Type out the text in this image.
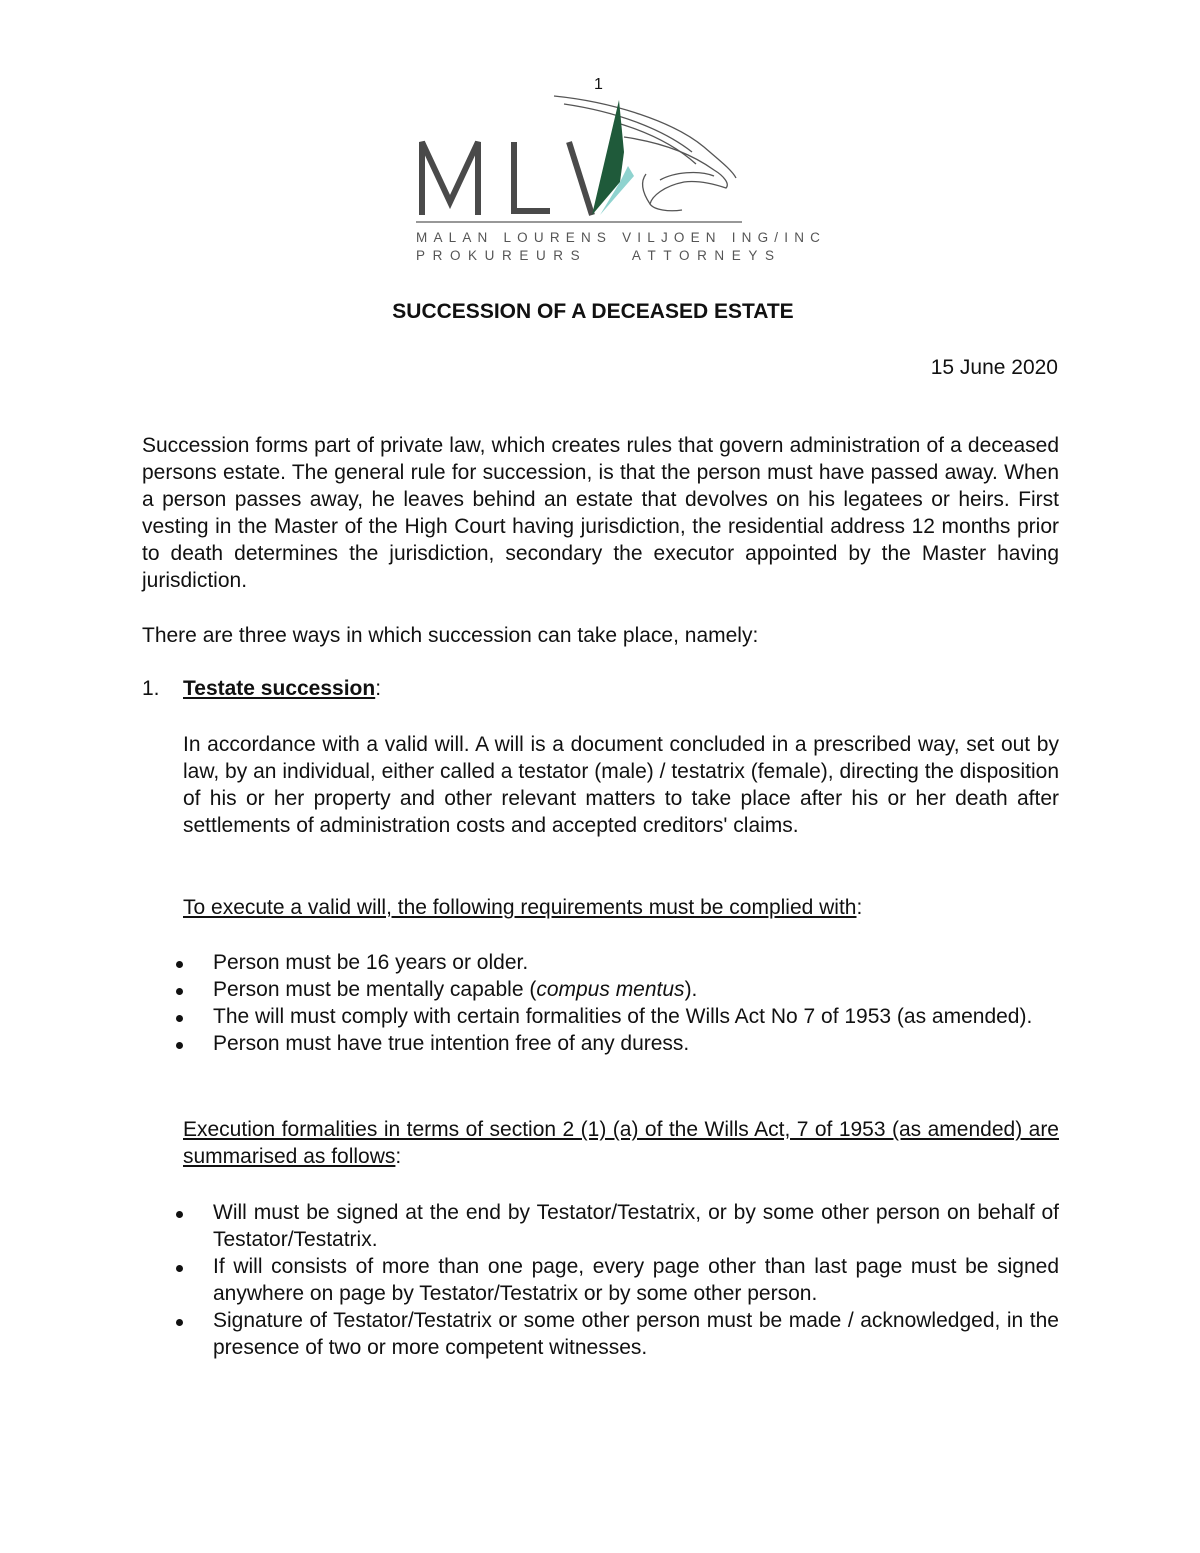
1
MALAN LOURENS VILJOEN ING/INC
PROKUREURS    ATTORNEYS
SUCCESSION OF A DECEASED ESTATE
15 June 2020
Succession forms part of private law, which creates rules that govern administration of a deceased persons estate. The general rule for succession, is that the person must have passed away. When a person passes away, he leaves behind an estate that devolves on his legatees or heirs. First vesting in the Master of the High Court having jurisdiction, the residential address 12 months prior to death determines the jurisdiction, secondary the executor appointed by the Master having jurisdiction.
There are three ways in which succession can take place, namely:
1. Testate succession:
In accordance with a valid will. A will is a document concluded in a prescribed way, set out by law, by an individual, either called a testator (male) / testatrix (female), directing the disposition of his or her property and other relevant matters to take place after his or her death after settlements of administration costs and accepted creditors' claims.
To execute a valid will, the following requirements must be complied with:
Person must be 16 years or older.
Person must be mentally capable (compus mentus).
The will must comply with certain formalities of the Wills Act No 7 of 1953 (as amended).
Person must have true intention free of any duress.
Execution formalities in terms of section 2 (1) (a) of the Wills Act, 7 of 1953 (as amended) are summarised as follows:
Will must be signed at the end by Testator/Testatrix, or by some other person on behalf of Testator/Testatrix.
If will consists of more than one page, every page other than last page must be signed anywhere on page by Testator/Testatrix or by some other person.
Signature of Testator/Testatrix or some other person must be made / acknowledged, in the presence of two or more competent witnesses.
